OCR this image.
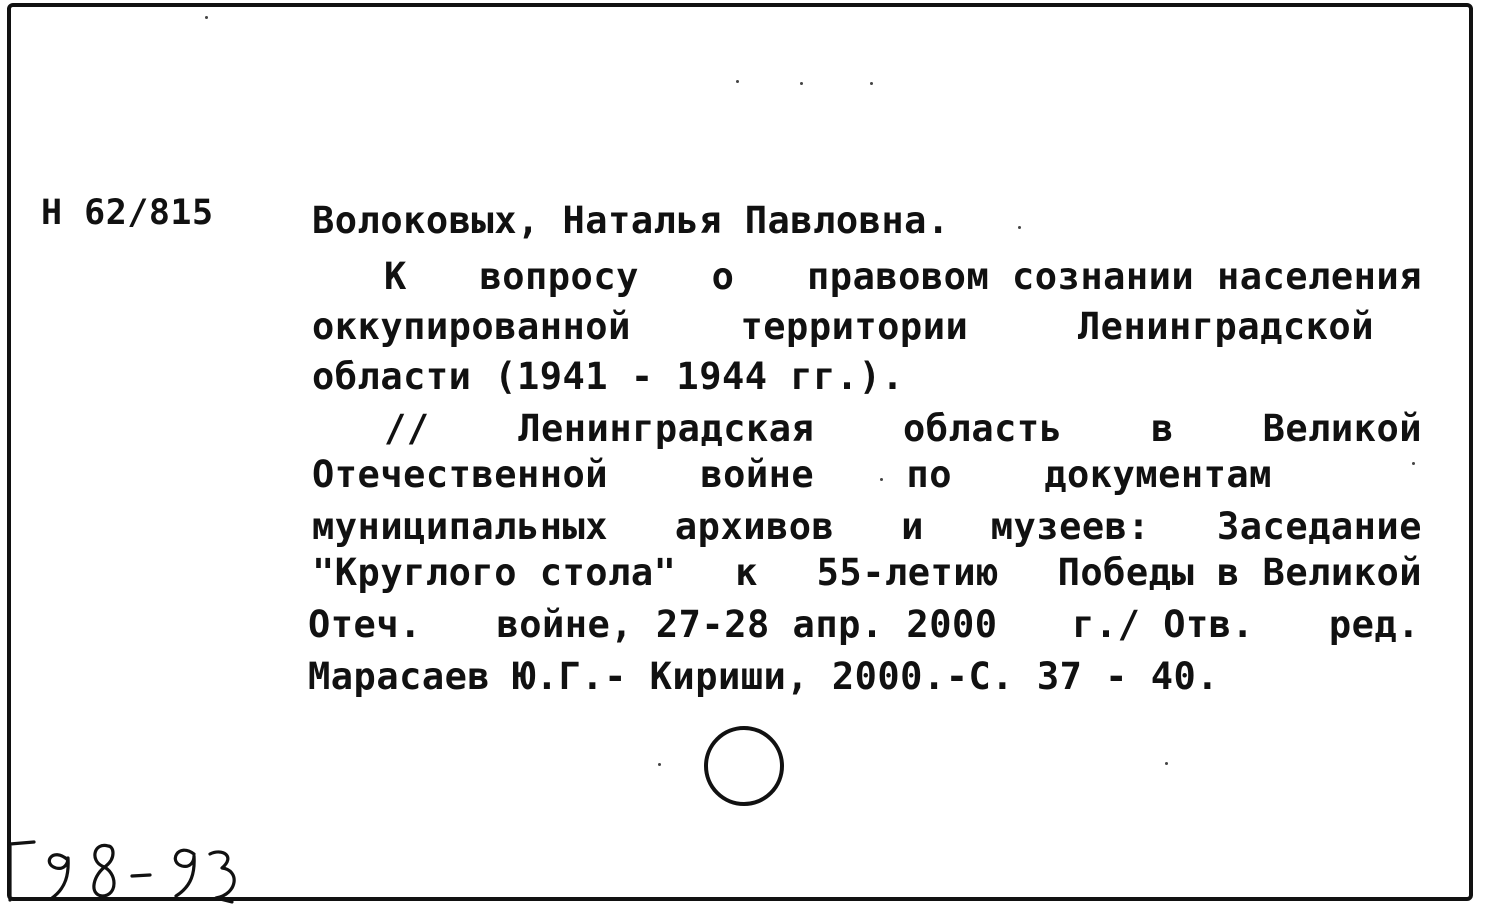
Н 62/815	Волоковых, Наталья Павловна.
К вопросу о правовом сознании населения
оккупированной	территории	Ленинградской
области (1941 - 1944 гг.).
// Ленинградская область в Великой
Отечественной войне по документам
муниципальных архивов и музеев: Заседание
"Круглого стола" к 55-летию Победы в Великой
Отеч. войне, 27-28 апр. 2000 г./ Отв. ред.
Марасаев Ю.Г.- Кириши, 2000.-С. 37 - 40.
